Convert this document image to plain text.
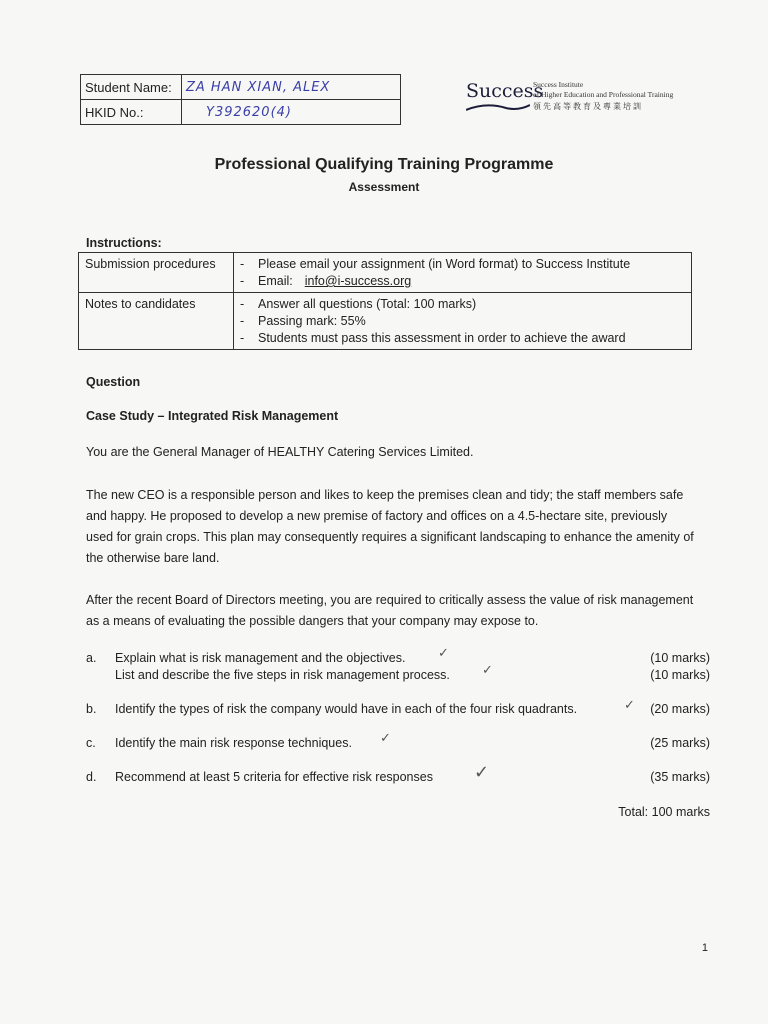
Student Name:	ZA HAN XIAN, ALEX
HKID No.:	Y392620(4)
Success
Success Institute
of Higher Education and Professional Training
領先高等教育及專業培訓
Professional Qualifying Training Programme
Assessment
Instructions:
Submission procedures	- Please email your assignment (in Word format) to Success Institute
- Email: info@i-success.org

Notes to candidates	- Answer all questions (Total: 100 marks)
- Passing mark: 55%
- Students must pass this assessment in order to achieve the award
Question
Case Study – Integrated Risk Management
You are the General Manager of HEALTHY Catering Services Limited.
The new CEO is a responsible person and likes to keep the premises clean and tidy; the staff members safe and happy. He proposed to develop a new premise of factory and offices on a 4.5-hectare site, previously used for grain crops. This plan may consequently requires a significant landscaping to enhance the amenity of the otherwise bare land.
After the recent Board of Directors meeting, you are required to critically assess the value of risk management as a means of evaluating the possible dangers that your company may expose to.
a. Explain what is risk management and the objectives.	(10 marks)
✓
List and describe the five steps in risk management process.	(10 marks)
✓
b. Identify the types of risk the company would have in each of the four risk quadrants.	(20 marks)
✓
c. Identify the main risk response techniques.	(25 marks)
✓
d. Recommend at least 5 criteria for effective risk responses	(35 marks)
✓
Total: 100 marks
1
